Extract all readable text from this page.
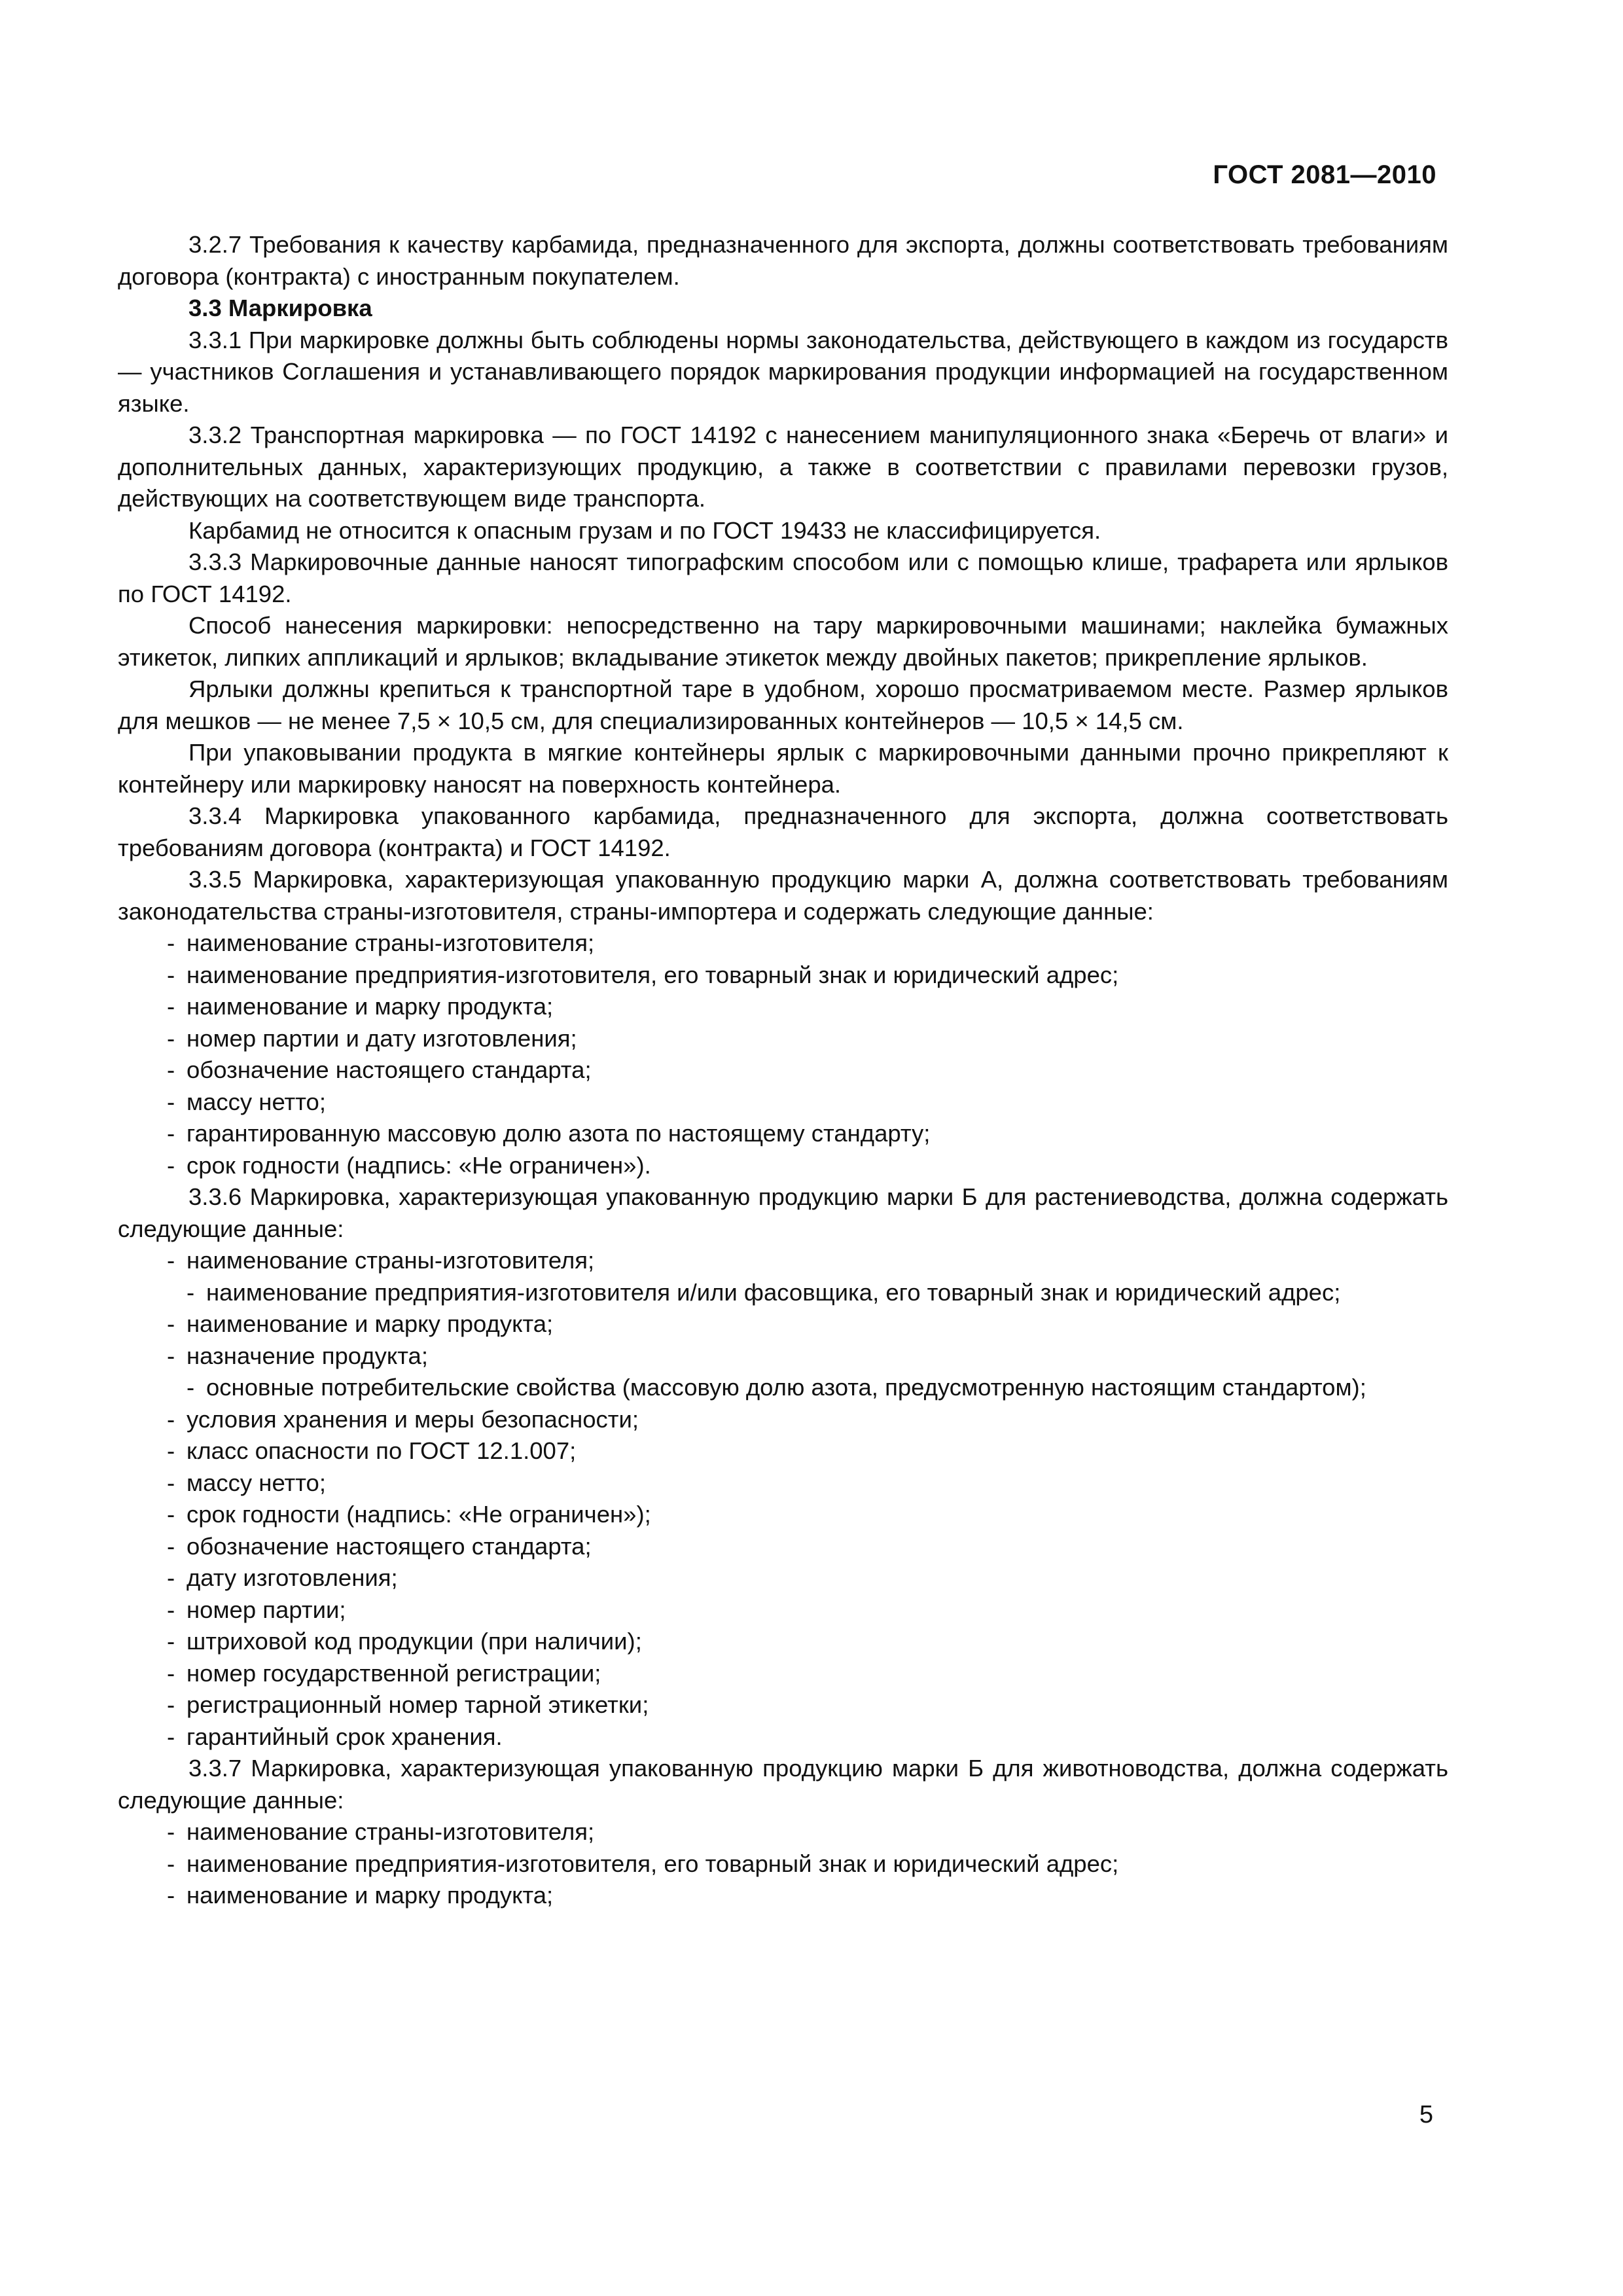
ГОСТ 2081—2010

3.2.7 Требования к качеству карбамида, предназначенного для экспорта, должны соответствовать требованиям договора (контракта) с иностранным покупателем.

3.3 Маркировка

3.3.1 При маркировке должны быть соблюдены нормы законодательства, действующего в каждом из государств — участников Соглашения и устанавливающего порядок маркирования продукции информацией на государственном языке.

3.3.2 Транспортная маркировка — по ГОСТ 14192 с нанесением манипуляционного знака «Беречь от влаги» и дополнительных данных, характеризующих продукцию, а также в соответствии с правилами перевозки грузов, действующих на соответствующем виде транспорта.

Карбамид не относится к опасным грузам и по ГОСТ 19433 не классифицируется.

3.3.3 Маркировочные данные наносят типографским способом или с помощью клише, трафарета или ярлыков по ГОСТ 14192.

Способ нанесения маркировки: непосредственно на тару маркировочными машинами; наклейка бумажных этикеток, липких аппликаций и ярлыков; вкладывание этикеток между двойных пакетов; прикрепление ярлыков.

Ярлыки должны крепиться к транспортной таре в удобном, хорошо просматриваемом месте. Размер ярлыков для мешков — не менее 7,5 × 10,5 см, для специализированных контейнеров — 10,5 × 14,5 см.

При упаковывании продукта в мягкие контейнеры ярлык с маркировочными данными прочно прикрепляют к контейнеру или маркировку наносят на поверхность контейнера.

3.3.4 Маркировка упакованного карбамида, предназначенного для экспорта, должна соответствовать требованиям договора (контракта) и ГОСТ 14192.

3.3.5 Маркировка, характеризующая упакованную продукцию марки А, должна соответствовать требованиям законодательства страны-изготовителя, страны-импортера и содержать следующие данные:

- наименование страны-изготовителя;

- наименование предприятия-изготовителя, его товарный знак и юридический адрес;

- наименование и марку продукта;

- номер партии и дату изготовления;

- обозначение настоящего стандарта;

- массу нетто;

- гарантированную массовую долю азота по настоящему стандарту;

- срок годности (надпись: «Не ограничен»).

3.3.6 Маркировка, характеризующая упакованную продукцию марки Б для растениеводства, должна содержать следующие данные:

- наименование страны-изготовителя;

- наименование предприятия-изготовителя и/или фасовщика, его товарный знак и юридический адрес;

- наименование и марку продукта;

- назначение продукта;

- основные потребительские свойства (массовую долю азота, предусмотренную настоящим стандартом);

- условия хранения и меры безопасности;

- класс опасности по ГОСТ 12.1.007;

- массу нетто;

- срок годности (надпись: «Не ограничен»);

- обозначение настоящего стандарта;

- дату изготовления;

- номер партии;

- штриховой код продукции (при наличии);

- номер государственной регистрации;

- регистрационный номер тарной этикетки;

- гарантийный срок хранения.

3.3.7 Маркировка, характеризующая упакованную продукцию марки Б для животноводства, должна содержать следующие данные:

- наименование страны-изготовителя;

- наименование предприятия-изготовителя, его товарный знак и юридический адрес;

- наименование и марку продукта;

5
